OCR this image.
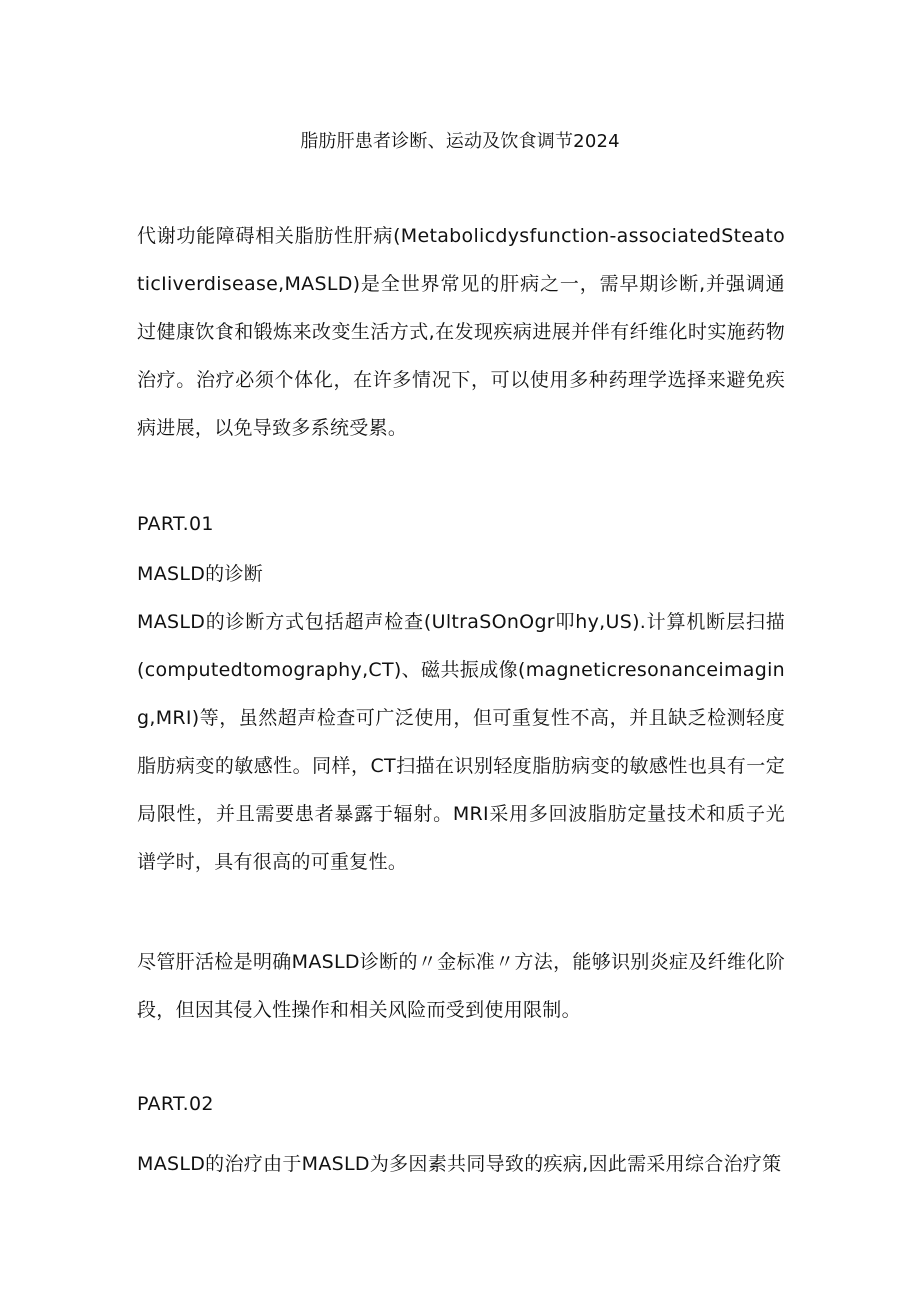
脂肪肝患者诊断、运动及饮食调节2024
代谢功能障碍相关脂肪性肝病(Metabolicdysfunction-associatedSteatoticIiverdisease,MASLD)是全世界常见的肝病之一，需早期诊断,并强调通过健康饮食和锻炼来改变生活方式,在发现疾病进展并伴有纤维化时实施药物治疗。治疗必须个体化，在许多情况下，可以使用多种药理学选择来避免疾病进展，以免导致多系统受累。
PART.01
MASLD的诊断
MASLD的诊断方式包括超声检查(UltraSOnOgr叩hy,US).计算机断层扫描(computedtomography,CT)、磁共振成像(magneticresonanceimaging,MRI)等，虽然超声检查可广泛使用，但可重复性不高，并且缺乏检测轻度脂肪病变的敏感性。同样，CT扫描在识别轻度脂肪病变的敏感性也具有一定局限性，并且需要患者暴露于辐射。MRI采用多回波脂肪定量技术和质子光谱学时，具有很高的可重复性。
尽管肝活检是明确MASLD诊断的〃金标准〃方法，能够识别炎症及纤维化阶段，但因其侵入性操作和相关风险而受到使用限制。
PART.02
MASLD的治疗由于MASLD为多因素共同导致的疾病,因此需采用综合治疗策
